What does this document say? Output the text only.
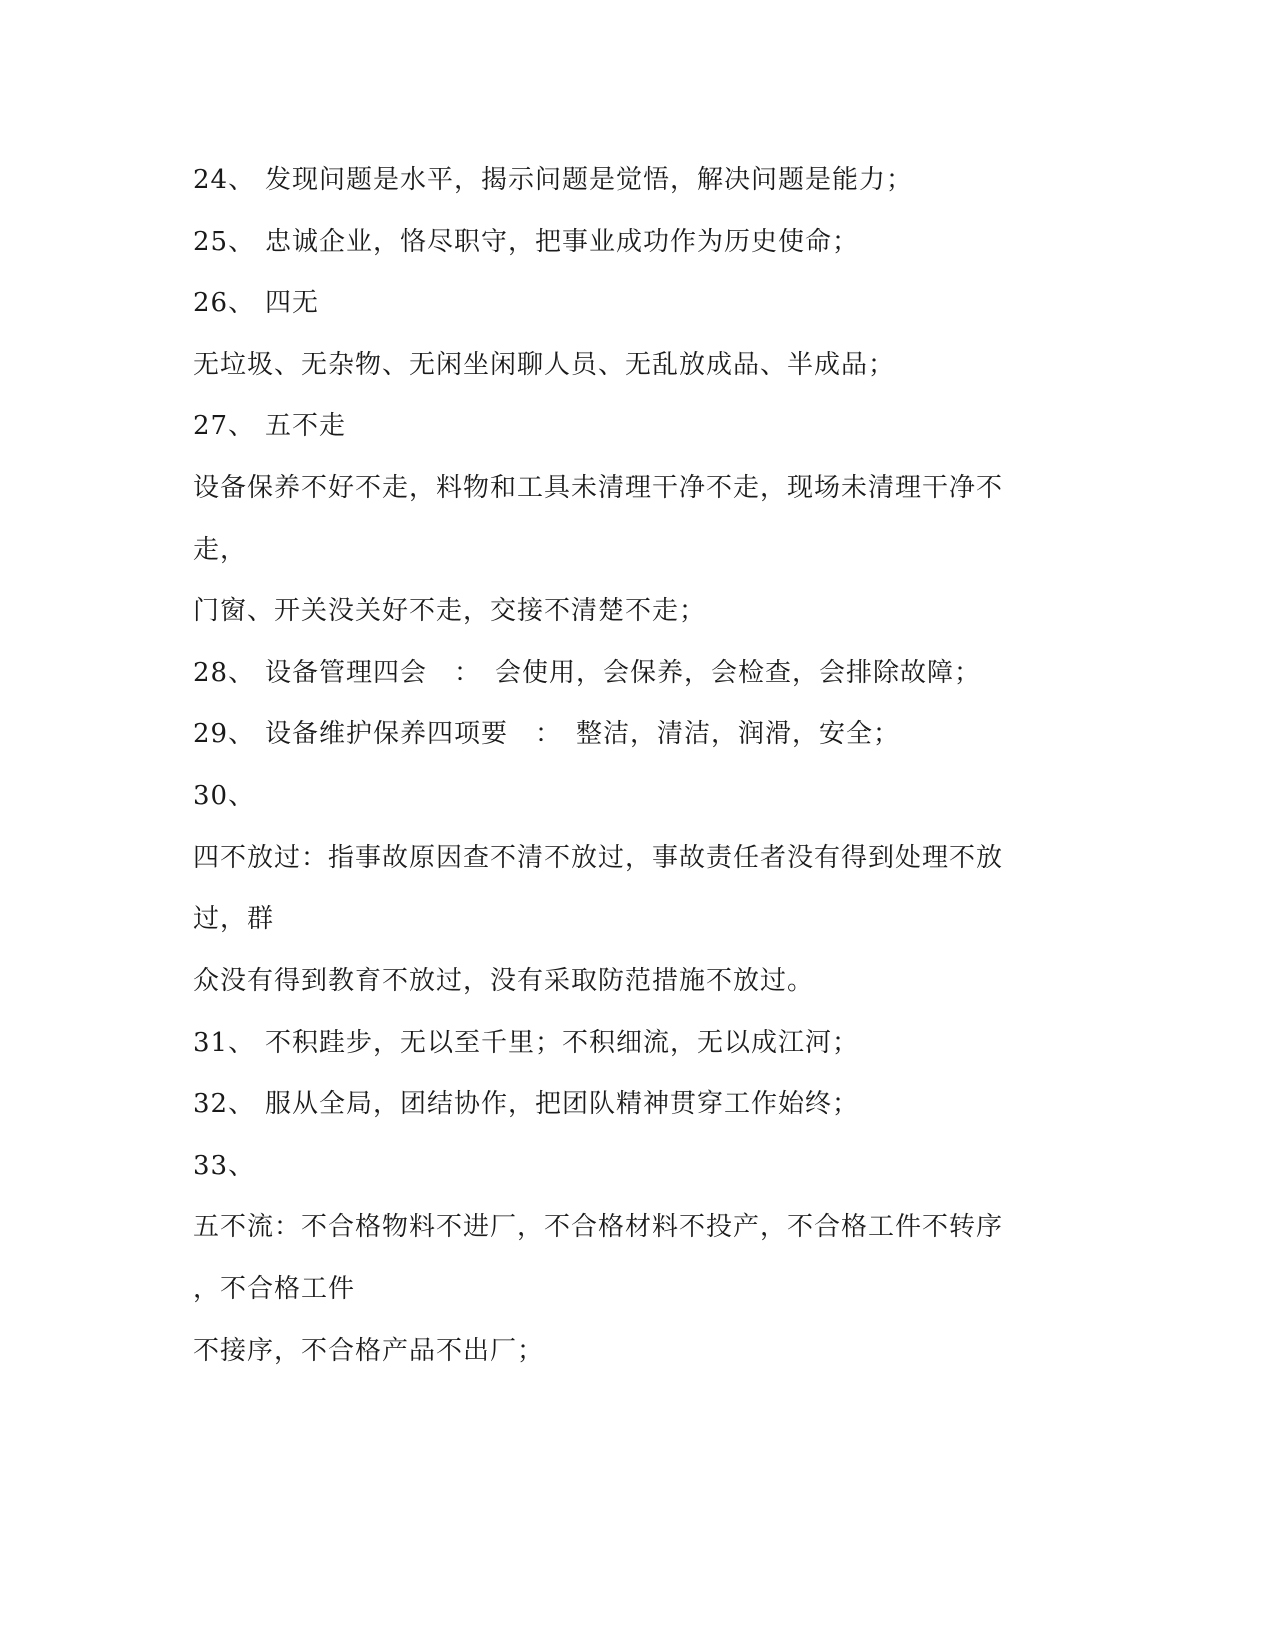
24、 发现问题是水平，揭示问题是觉悟，解决问题是能力；
25、 忠诚企业，恪尽职守，把事业成功作为历史使命；
26、 四无
无垃圾、无杂物、无闲坐闲聊人员、无乱放成品、半成品；
27、 五不走
设备保养不好不走，料物和工具未清理干净不走，现场未清理干净不
走，
门窗、开关没关好不走，交接不清楚不走；
28、 设备管理四会　：　会使用，会保养，会检查，会排除故障；
29、 设备维护保养四项要　：　整洁，清洁，润滑，安全；
30、
四不放过：指事故原因查不清不放过，事故责任者没有得到处理不放
过，群
众没有得到教育不放过，没有采取防范措施不放过。
31、 不积跬步，无以至千里；不积细流，无以成江河；
32、 服从全局，团结协作，把团队精神贯穿工作始终；
33、
五不流：不合格物料不进厂，不合格材料不投产，不合格工件不转序
，不合格工件
不接序，不合格产品不出厂；
